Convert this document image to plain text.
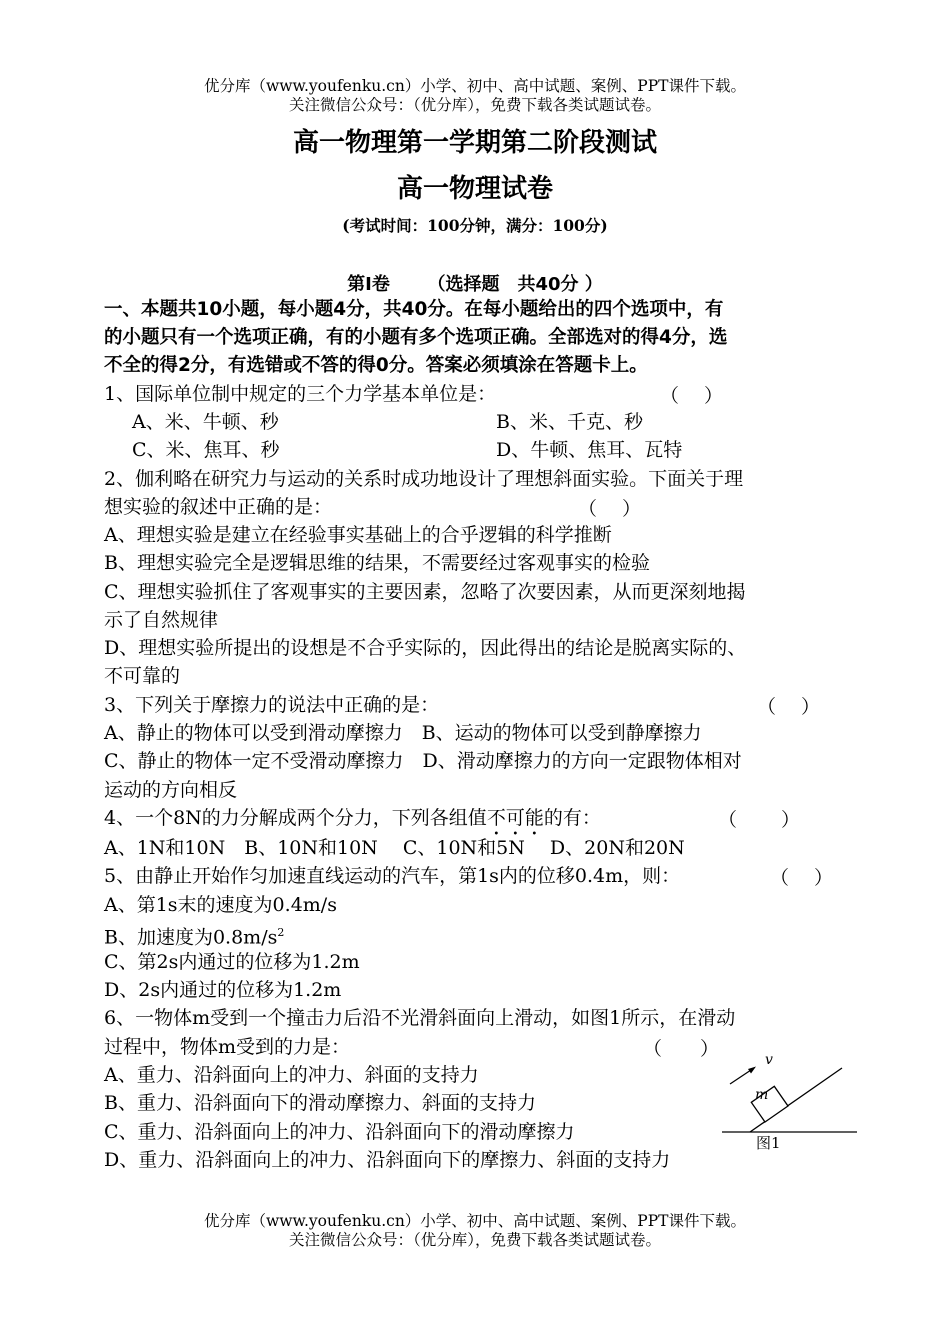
优分库（www.youfenku.cn）小学、初中、高中试题、案例、PPT课件下载。
关注微信公众号：（优分库），免费下载各类试题试卷。
高一物理第一学期第二阶段测试
高一物理试卷
(考试时间：100分钟，满分：100分)
第Ⅰ卷 （选择题　共40分 ）
一、本题共10小题，每小题4分，共40分。在每小题给出的四个选项中，有
的小题只有一个选项正确，有的小题有多个选项正确。全部选对的得4分，选
不全的得2分，有选错或不答的得0分。答案必须填涂在答题卡上。
1、国际单位制中规定的三个力学基本单位是：	（　 ）
A、米、牛顿、秒	B、米、千克、秒
C、米、焦耳、秒	D、牛顿、焦耳、瓦特
2、伽利略在研究力与运动的关系时成功地设计了理想斜面实验。下面关于理
想实验的叙述中正确的是：	（　 ）
A、理想实验是建立在经验事实基础上的合乎逻辑的科学推断
B、理想实验完全是逻辑思维的结果，不需要经过客观事实的检验
C、理想实验抓住了客观事实的主要因素，忽略了次要因素，从而更深刻地揭
示了自然规律
D、理想实验所提出的设想是不合乎实际的，因此得出的结论是脱离实际的、
不可靠的
3、下列关于摩擦力的说法中正确的是：	（　 ）
A、静止的物体可以受到滑动摩擦力　B、运动的物体可以受到静摩擦力
C、静止的物体一定不受滑动摩擦力　D、滑动摩擦力的方向一定跟物体相对
运动的方向相反
4、一个8N的力分解成两个分力，下列各组值不可能的有：	（　　 ）
A、1N和10N　B、10N和10N　 C、10N和5N　 D、20N和20N
5、由静止开始作匀加速直线运动的汽车，第1s内的位移0.4m，则：	（　 ）
A、第1s末的速度为0.4m/s
B、加速度为$0.8m/s^2$
C、第2s内通过的位移为1.2m
D、2s内通过的位移为1.2m
6、一物体m受到一个撞击力后沿不光滑斜面向上滑动，如图1所示，在滑动
过程中，物体m受到的力是：	（　　）
A、重力、沿斜面向上的冲力、斜面的支持力
B、重力、沿斜面向下的滑动摩擦力、斜面的支持力
C、重力、沿斜面向上的冲力、沿斜面向下的滑动摩擦力
D、重力、沿斜面向上的冲力、沿斜面向下的摩擦力、斜面的支持力
m
v
图1
优分库（www.youfenku.cn）小学、初中、高中试题、案例、PPT课件下载。
关注微信公众号：（优分库），免费下载各类试题试卷。
